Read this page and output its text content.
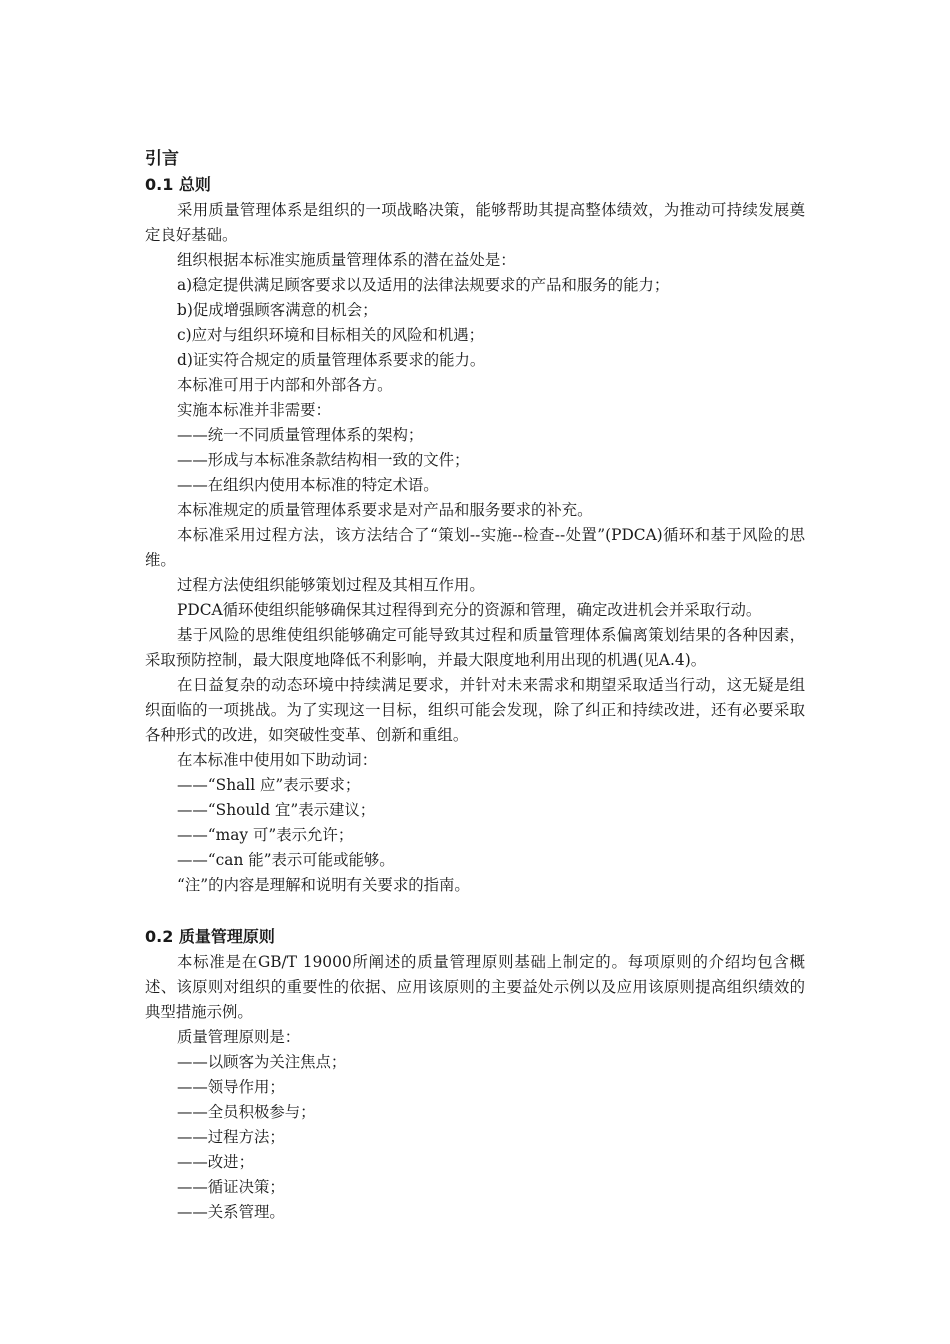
引言
0.1 总则

采用质量管理体系是组织的一项战略决策，能够帮助其提高整体绩效，为推动可持续发展奠定良好基础。

组织根据本标准实施质量管理体系的潜在益处是：

a)稳定提供满足顾客要求以及适用的法律法规要求的产品和服务的能力；

b)促成增强顾客满意的机会；

c)应对与组织环境和目标相关的风险和机遇；

d)证实符合规定的质量管理体系要求的能力。

本标准可用于内部和外部各方。

实施本标准并非需要：

——统一不同质量管理体系的架构；

——形成与本标准条款结构相一致的文件；

——在组织内使用本标准的特定术语。

本标准规定的质量管理体系要求是对产品和服务要求的补充。

本标准采用过程方法，该方法结合了“策划--实施--检查--处置”(PDCA)循环和基于风险的思维。

过程方法使组织能够策划过程及其相互作用。

PDCA循环使组织能够确保其过程得到充分的资源和管理，确定改进机会并采取行动。

基于风险的思维使组织能够确定可能导致其过程和质量管理体系偏离策划结果的各种因素，采取预防控制，最大限度地降低不利影响，并最大限度地利用出现的机遇(见A.4)。

在日益复杂的动态环境中持续满足要求，并针对未来需求和期望采取适当行动，这无疑是组织面临的一项挑战。为了实现这一目标，组织可能会发现，除了纠正和持续改进，还有必要采取各种形式的改进，如突破性变革、创新和重组。

在本标准中使用如下助动词：

——“Shall 应”表示要求；

——“Should 宜”表示建议；

——“may 可”表示允许；

——“can 能”表示可能或能够。

“注”的内容是理解和说明有关要求的指南。

0.2 质量管理原则

本标准是在GB/T 19000所阐述的质量管理原则基础上制定的。每项原则的介绍均包含概述、该原则对组织的重要性的依据、应用该原则的主要益处示例以及应用该原则提高组织绩效的典型措施示例。

质量管理原则是：

——以顾客为关注焦点；

——领导作用；

——全员积极参与；

——过程方法；

——改进；

——循证决策；

——关系管理。
